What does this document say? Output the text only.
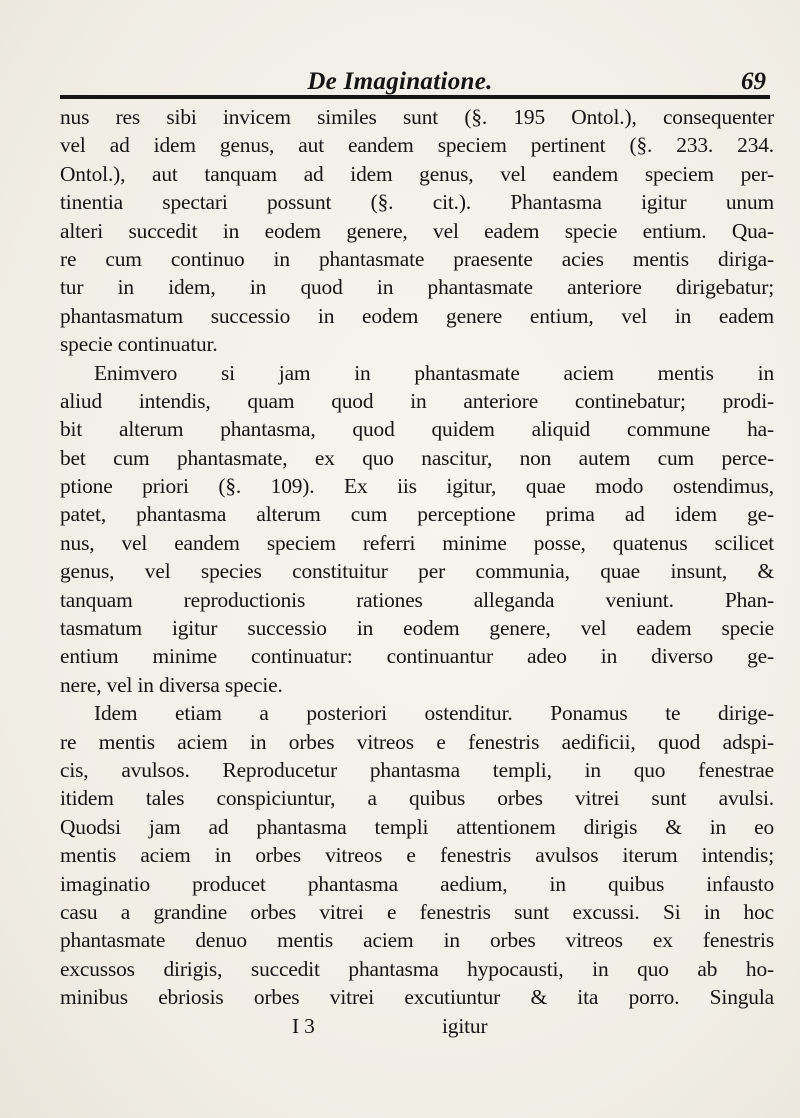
De Imaginatione.	69
nus res sibi invicem similes sunt (§. 195 Ontol.), consequenter
vel ad idem genus, aut eandem speciem pertinent (§. 233. 234.
Ontol.), aut tanquam ad idem genus, vel eandem speciem per-
tinentia spectari possunt (§. cit.). Phantasma igitur unum
alteri succedit in eodem genere, vel eadem specie entium. Qua-
re cum continuo in phantasmate praesente acies mentis diriga-
tur in idem, in quod in phantasmate anteriore dirigebatur;
phantasmatum successio in eodem genere entium, vel in eadem
specie continuatur.
Enimvero si jam in phantasmate aciem mentis in
aliud intendis, quam quod in anteriore continebatur; prodi-
bit alterum phantasma, quod quidem aliquid commune ha-
bet cum phantasmate, ex quo nascitur, non autem cum perce-
ptione priori (§. 109). Ex iis igitur, quae modo ostendimus,
patet, phantasma alterum cum perceptione prima ad idem ge-
nus, vel eandem speciem referri minime posse, quatenus scilicet
genus, vel species constituitur per communia, quae insunt, &
tanquam reproductionis rationes alleganda veniunt. Phan-
tasmatum igitur successio in eodem genere, vel eadem specie
entium minime continuatur: continuantur adeo in diverso ge-
nere, vel in diversa specie.
Idem etiam a posteriori ostenditur. Ponamus te dirige-
re mentis aciem in orbes vitreos e fenestris aedificii, quod adspi-
cis, avulsos. Reproducetur phantasma templi, in quo fenestrae
itidem tales conspiciuntur, a quibus orbes vitrei sunt avulsi.
Quodsi jam ad phantasma templi attentionem dirigis & in eo
mentis aciem in orbes vitreos e fenestris avulsos iterum intendis;
imaginatio producet phantasma aedium, in quibus infausto
casu a grandine orbes vitrei e fenestris sunt excussi. Si in hoc
phantasmate denuo mentis aciem in orbes vitreos ex fenestris
excussos dirigis, succedit phantasma hypocausti, in quo ab ho-
minibus ebriosis orbes vitrei excutiuntur & ita porro. Singula
I 3	igitur
